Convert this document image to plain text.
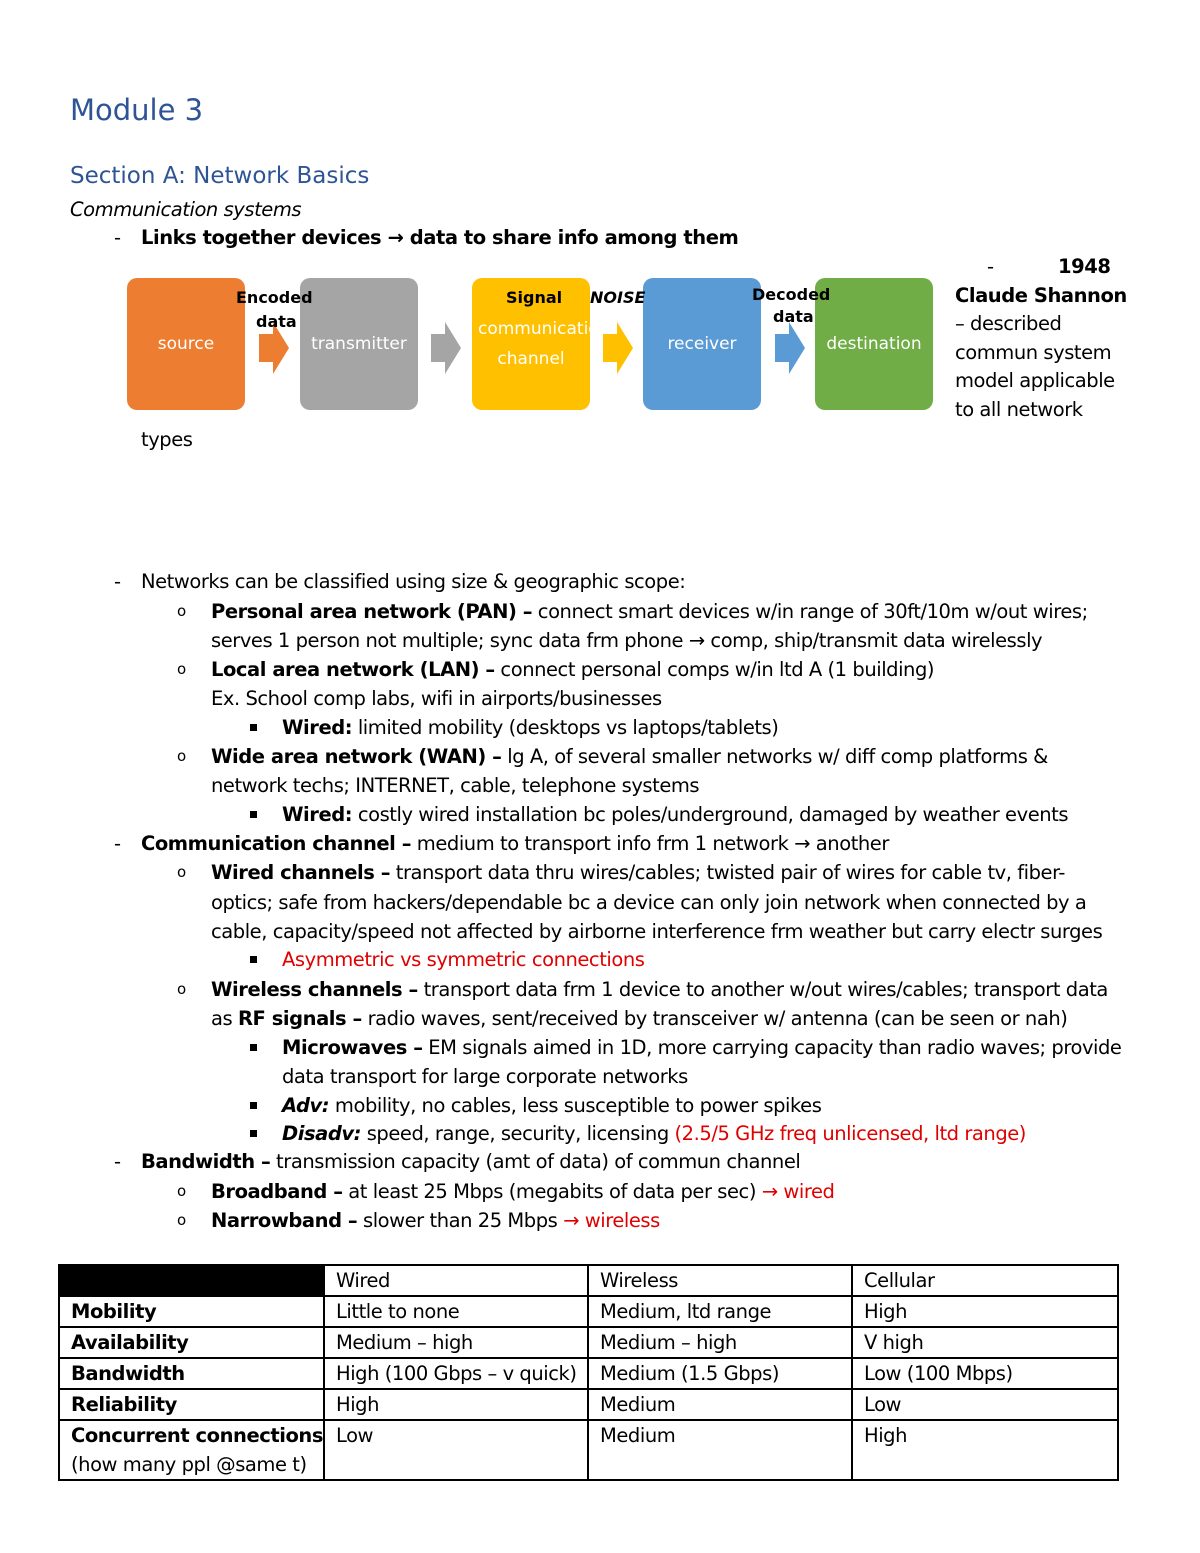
Module 3
Section A: Network Basics
Communication systems
- Links together devices → data to share info among them
source	transmitter
communication channel
receiver	destination
Encoded
data
Signal NOISE	Decoded
data
-	1948
Claude Shannon
– described
commun system
model applicable
to all network
types
- Networks can be classified using size & geographic scope:
o Personal area network (PAN) – connect smart devices w/in range of 30ft/10m w/out wires;
serves 1 person not multiple; sync data frm phone → comp, ship/transmit data wirelessly
o Local area network (LAN) – connect personal comps w/in ltd A (1 building)
Ex. School comp labs, wifi in airports/businesses
Wired: limited mobility (desktops vs laptops/tablets)
o Wide area network (WAN) – lg A, of several smaller networks w/ diff comp platforms &
network techs; INTERNET, cable, telephone systems
Wired: costly wired installation bc poles/underground, damaged by weather events
- Communication channel – medium to transport info frm 1 network → another
o Wired channels – transport data thru wires/cables; twisted pair of wires for cable tv, fiber-
optics; safe from hackers/dependable bc a device can only join network when connected by a
cable, capacity/speed not affected by airborne interference frm weather but carry electr surges
Asymmetric vs symmetric connections
o Wireless channels – transport data frm 1 device to another w/out wires/cables; transport data
as RF signals – radio waves, sent/received by transceiver w/ antenna (can be seen or nah)
Microwaves – EM signals aimed in 1D, more carrying capacity than radio waves; provide
data transport for large corporate networks
Adv: mobility, no cables, less susceptible to power spikes
Disadv: speed, range, security, licensing (2.5/5 GHz freq unlicensed, ltd range)
- Bandwidth – transmission capacity (amt of data) of commun channel
o Broadband – at least 25 Mbps (megabits of data per sec) → wired
o Narrowband – slower than 25 Mbps → wireless
	Wired	Wireless	Cellular
Mobility	Little to none	Medium, ltd range	High
Availability	Medium – high	Medium – high	V high
Bandwidth	High (100 Gbps – v quick)	Medium (1.5 Gbps)	Low (100 Mbps)
Reliability	High	Medium	Low

Concurrent connections
(how many ppl @same t)	Low	Medium	High
